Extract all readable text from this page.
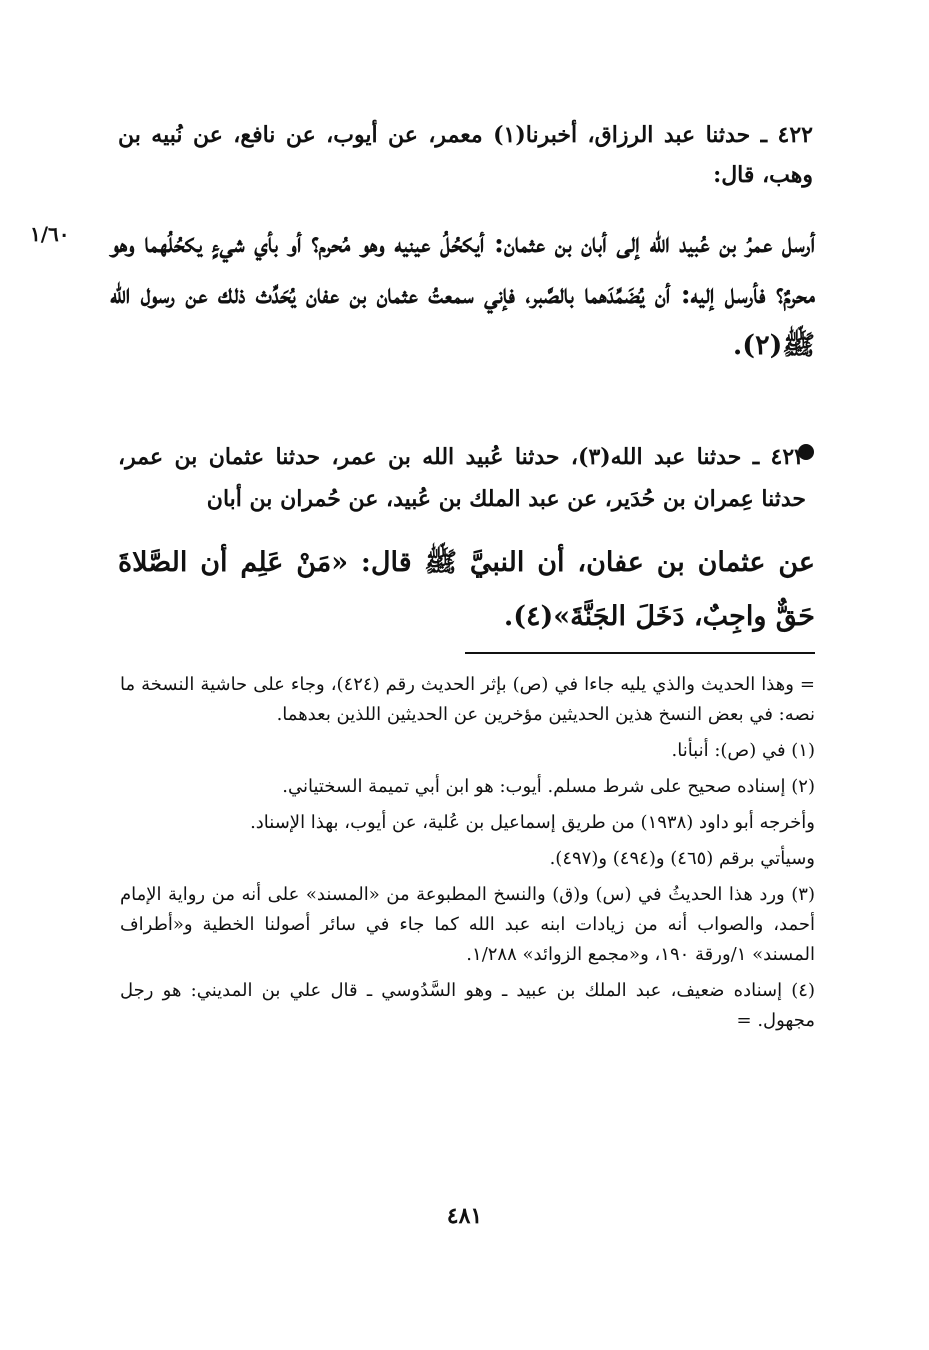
٤٢٢ ـ حدثنا عبد الرزاق، أخبرنا(١) معمر، عن أيوب، عن نافع، عن نُبيه بن وهب، قال:

١/٦٠	أرسل عمرُ بن عُبيد الله إلى أبان بن عثمان: أيكحُلُ عينيه وهو مُحرم؟ أو بأي شيءٍ يكحُلُهما وهو محرمٌ؟ فأرسل إليه: أن يُضَمِّدَهما بالصَّبر، فإني سمعتُ عثمان بن عفان يُحَدِّث ذلك عن رسول الله ﷺ(٢).

٤٢٣ ـ حدثنا عبد الله(٣)، حدثنا عُبيد الله بن عمر، حدثنا عثمان بن عمر، حدثنا عِمران بن حُدَير، عن عبد الملك بن عُبيد، عن حُمران بن أبان

عن عثمان بن عفان، أن النبيَّ ﷺ قال: «مَنْ عَلِم أن الصَّلاةَ حَقٌّ واجِبٌ، دَخَلَ الجَنَّةَ»(٤).

= وهذا الحديث والذي يليه جاءا في (ص) بإثر الحديث رقم (٤٢٤)، وجاء على حاشية النسخة ما نصه: في بعض النسخ هذين الحديثين مؤخرين عن الحديثين اللذين بعدهما.

(١) في (ص): أنبأنا.

(٢) إسناده صحيح على شرط مسلم. أيوب: هو ابن أبي تميمة السختياني.

وأخرجه أبو داود (١٩٣٨) من طريق إسماعيل بن عُلية، عن أيوب، بهذا الإسناد.

وسيأتي برقم (٤٦٥) و(٤٩٤) و(٤٩٧).

(٣) ورد هذا الحديثُ في (س) و(ق) والنسخ المطبوعة من «المسند» على أنه من رواية الإمام أحمد، والصواب أنه من زيادات ابنه عبد الله كما جاء في سائر أصولنا الخطية و«أطراف المسند» ١/ورقة ١٩٠، و«مجمع الزوائد» ١/٢٨٨.

(٤) إسناده ضعيف، عبد الملك بن عبيد ـ وهو السَّدُوسي ـ قال علي بن المديني: هو رجل مجهول. =

٤٨١
